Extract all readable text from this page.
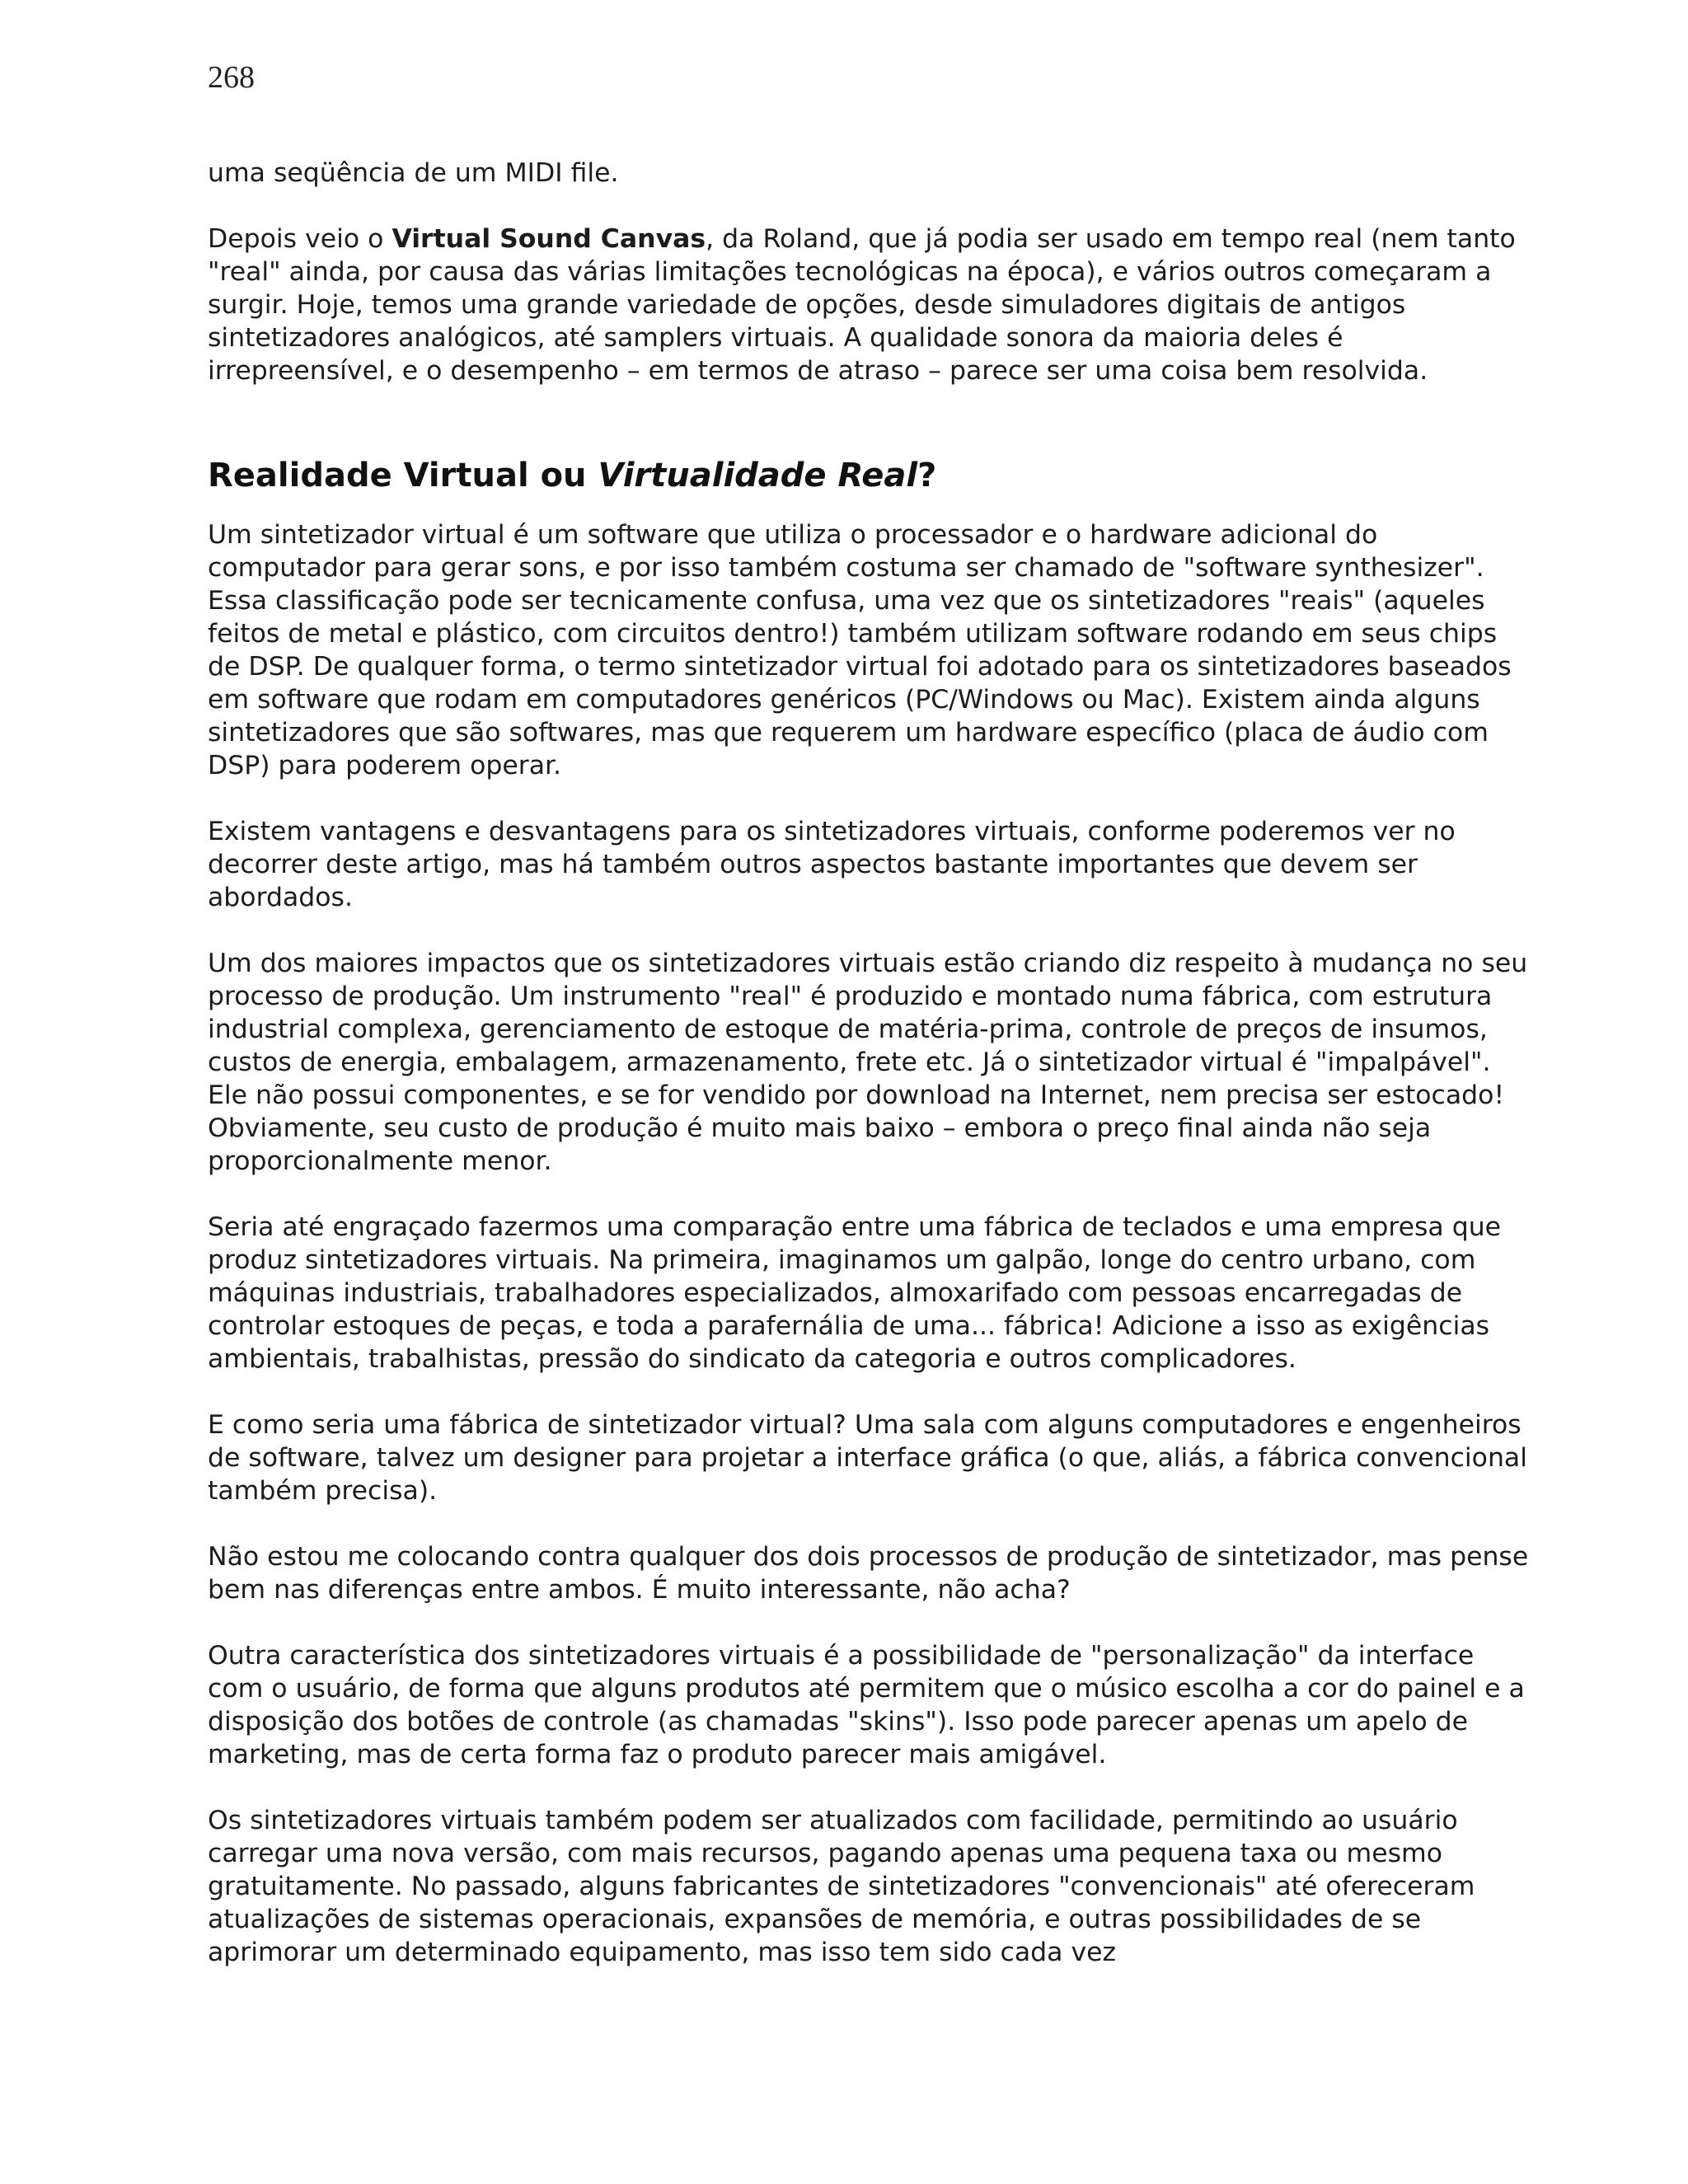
268

uma seqüência de um MIDI file.

Depois veio o Virtual Sound Canvas, da Roland, que já podia ser usado em tempo real (nem tanto "real" ainda, por causa das várias limitações tecnológicas na época), e vários outros começaram a surgir. Hoje, temos uma grande variedade de opções, desde simuladores digitais de antigos sintetizadores analógicos, até samplers virtuais. A qualidade sonora da maioria deles é irrepreensível, e o desempenho – em termos de atraso – parece ser uma coisa bem resolvida.

Realidade Virtual ou Virtualidade Real?

Um sintetizador virtual é um software que utiliza o processador e o hardware adicional do computador para gerar sons, e por isso também costuma ser chamado de "software synthesizer". Essa classificação pode ser tecnicamente confusa, uma vez que os sintetizadores "reais" (aqueles feitos de metal e plástico, com circuitos dentro!) também utilizam software rodando em seus chips de DSP. De qualquer forma, o termo sintetizador virtual foi adotado para os sintetizadores baseados em software que rodam em computadores genéricos (PC/Windows ou Mac). Existem ainda alguns sintetizadores que são softwares, mas que requerem um hardware específico (placa de áudio com DSP) para poderem operar.

Existem vantagens e desvantagens para os sintetizadores virtuais, conforme poderemos ver no decorrer deste artigo, mas há também outros aspectos bastante importantes que devem ser abordados.

Um dos maiores impactos que os sintetizadores virtuais estão criando diz respeito à mudança no seu processo de produção. Um instrumento "real" é produzido e montado numa fábrica, com estrutura industrial complexa, gerenciamento de estoque de matéria-prima, controle de preços de insumos, custos de energia, embalagem, armazenamento, frete etc. Já o sintetizador virtual é "impalpável". Ele não possui componentes, e se for vendido por download na Internet, nem precisa ser estocado! Obviamente, seu custo de produção é muito mais baixo – embora o preço final ainda não seja proporcionalmente menor.

Seria até engraçado fazermos uma comparação entre uma fábrica de teclados e uma empresa que produz sintetizadores virtuais. Na primeira, imaginamos um galpão, longe do centro urbano, com máquinas industriais, trabalhadores especializados, almoxarifado com pessoas encarregadas de controlar estoques de peças, e toda a parafernália de uma... fábrica! Adicione a isso as exigências ambientais, trabalhistas, pressão do sindicato da categoria e outros complicadores.

E como seria uma fábrica de sintetizador virtual? Uma sala com alguns computadores e engenheiros de software, talvez um designer para projetar a interface gráfica (o que, aliás, a fábrica convencional também precisa).

Não estou me colocando contra qualquer dos dois processos de produção de sintetizador, mas pense bem nas diferenças entre ambos. É muito interessante, não acha?

Outra característica dos sintetizadores virtuais é a possibilidade de "personalização" da interface com o usuário, de forma que alguns produtos até permitem que o músico escolha a cor do painel e a disposição dos botões de controle (as chamadas "skins"). Isso pode parecer apenas um apelo de marketing, mas de certa forma faz o produto parecer mais amigável.

Os sintetizadores virtuais também podem ser atualizados com facilidade, permitindo ao usuário carregar uma nova versão, com mais recursos, pagando apenas uma pequena taxa ou mesmo gratuitamente. No passado, alguns fabricantes de sintetizadores "convencionais" até ofereceram atualizações de sistemas operacionais, expansões de memória, e outras possibilidades de se aprimorar um determinado equipamento, mas isso tem sido cada vez
